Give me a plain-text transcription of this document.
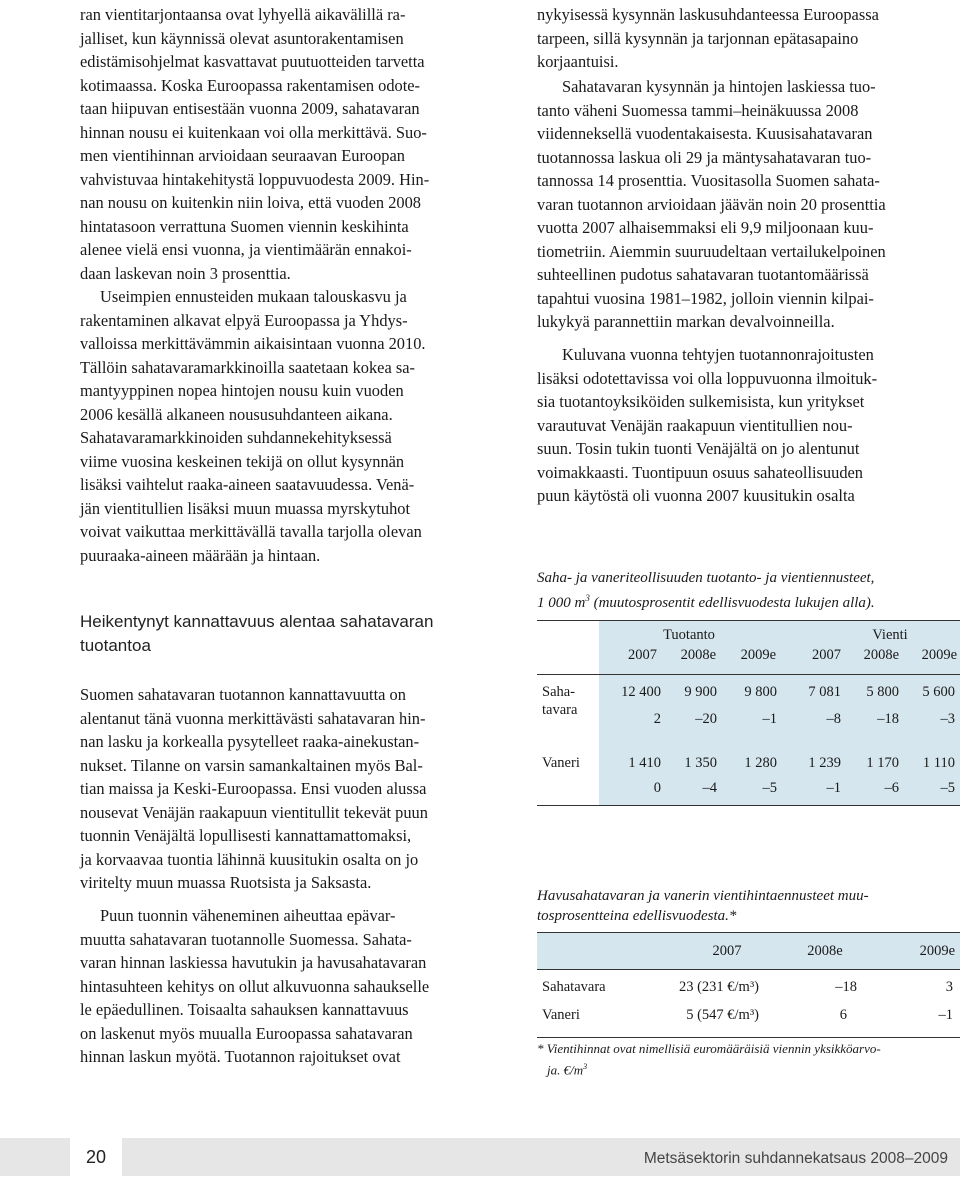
ran vientitarjontaansa ovat lyhyellä aikavälillä ra-

jalliset, kun käynnissä olevat asuntorakentamisen

edistämisohjelmat kasvattavat puutuotteiden tarvetta

kotimaassa. Koska Euroopassa rakentamisen odote-

taan hiipuvan entisestään vuonna 2009, sahatavaran

hinnan nousu ei kuitenkaan voi olla merkittävä. Suo-

men vientihinnan arvioidaan seuraavan Euroopan

vahvistuvaa hintakehitystä loppuvuodesta 2009. Hin-

nan nousu on kuitenkin niin loiva, että vuoden 2008

hintatasoon verrattuna Suomen viennin keskihinta

alenee vielä ensi vuonna, ja vientimäärän ennakoi-

daan laskevan noin 3 prosenttia.

Useimpien ennusteiden mukaan talouskasvu ja

rakentaminen alkavat elpyä Euroopassa ja Yhdys-

valloissa merkittävämmin aikaisintaan vuonna 2010.

Tällöin sahatavaramarkkinoilla saatetaan kokea sa-

mantyyppinen nopea hintojen nousu kuin vuoden

2006 kesällä alkaneen noususuhdanteen aikana.

Sahatavaramarkkinoiden suhdannekehityksessä

viime vuosina keskeinen tekijä on ollut kysynnän

lisäksi vaihtelut raaka-aineen saatavuudessa. Venä-

jän vientitullien lisäksi muun muassa myrskytuhot

voivat vaikuttaa merkittävällä tavalla tarjolla olevan

puuraaka-aineen määrään ja hintaan.

Heikentynyt kannattavuus alentaa sahatavaran
tuotantoa

Suomen sahatavaran tuotannon kannattavuutta on

alentanut tänä vuonna merkittävästi sahatavaran hin-

nan lasku ja korkealla pysytelleet raaka-ainekustan-

nukset. Tilanne on varsin samankaltainen myös Bal-

tian maissa ja Keski-Euroopassa. Ensi vuoden alussa

nousevat Venäjän raakapuun vientitullit tekevät puun

tuonnin Venäjältä lopullisesti kannattamattomaksi,

ja korvaavaa tuontia lähinnä kuusitukin osalta on jo

viritelty muun muassa Ruotsista ja Saksasta.

Puun tuonnin väheneminen aiheuttaa epävar-

muutta sahatavaran tuotannolle Suomessa. Sahata-

varan hinnan laskiessa havutukin ja havusahatavaran

hintasuhteen kehitys on ollut alkuvuonna sahaukselle

le epäedullinen. Toisaalta sahauksen kannattavuus

on laskenut myös muualla Euroopassa sahatavaran

hinnan laskun myötä. Tuotannon rajoitukset ovat

nykyisessä kysynnän laskusuhdanteessa Euroopassa

tarpeen, sillä kysynnän ja tarjonnan epätasapaino

korjaantuisi.

Sahatavaran kysynnän ja hintojen laskiessa tuo-

tanto väheni Suomessa tammi–heinäkuussa 2008

viidenneksellä vuodentakaisesta. Kuusisahatavaran

tuotannossa laskua oli 29 ja mäntysahatavaran tuo-

tannossa 14 prosenttia. Vuositasolla Suomen sahata-

varan tuotannon arvioidaan jäävän noin 20 prosenttia

vuotta 2007 alhaisemmaksi eli 9,9 miljoonaan kuu-

tiometriin. Aiemmin suuruudeltaan vertailukelpoinen

suhteellinen pudotus sahatavaran tuotantomäärissä

tapahtui vuosina 1981–1982, jolloin viennin kilpai-

lukykyä parannettiin markan devalvoinneilla.

Kuluvana vuonna tehtyjen tuotannonrajoitusten

lisäksi odotettavissa voi olla loppuvuonna ilmoituk-

sia tuotantoyksiköiden sulkemisista, kun yritykset

varautuvat Venäjän raakapuun vientitullien nou-

suun. Tosin tukin tuonti Venäjältä on jo alentunut

voimakkaasti. Tuontipuun osuus sahateollisuuden

puun käytöstä oli vuonna 2007 kuusitukin osalta

Saha- ja vaneriteollisuuden tuotanto- ja vientiennusteet,
1 000 $m^3$ (muutosprosentit edellisvuodesta lukujen alla).
Tuotanto	Vienti
2007	2008e	2009e	2007	2008e	2009e
Saha-
tavara
12 400	9 900	9 800	7 081	5 800	5 600
2	–20	–1	–8	–18	–3
Vaneri	1 410	1 350	1 280	1 239	1 170	1 110
0	–4	–5	–1	–6	–5
Havusahatavaran ja vanerin vientihintaennusteet muu-
tosprosentteina edellisvuodesta.*
2007	2008e	2009e
Sahatavara	23 (231 €/m³)	–18	3
Vaneri	5 (547 €/m³)	6	–1
* Vientihinnat ovat nimellisiä euromääräisiä viennin yksikköarvo-
ja. $€/m^3$
20	Metsäsektorin suhdannekatsaus 2008–2009
